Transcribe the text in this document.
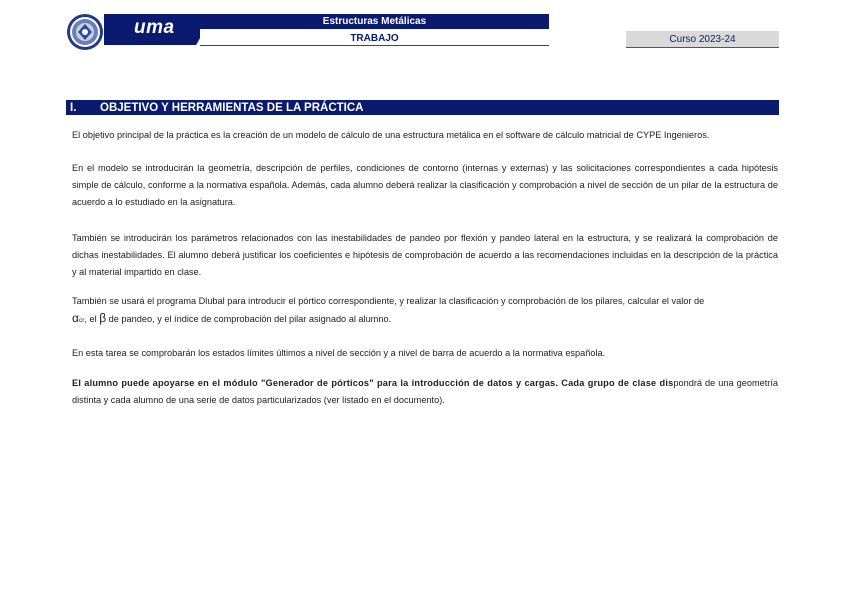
uma	Estructuras Metálicas
TRABAJO	Curso 2023-24
I.	OBJETIVO Y HERRAMIENTAS DE LA PRÁCTICA
El objetivo principal de la práctica es la creación de un modelo de cálculo de una estructura metálica en el software de cálculo matricial de CYPE Ingenieros.
En el modelo se introducirán la geometría, descripción de perfiles, condiciones de contorno (internas y externas) y las solicitaciones correspondientes a cada hipótesis simple de cálculo, conforme a la normativa española. Además, cada alumno deberá realizar la clasificación y comprobación a nivel de sección de un pilar de la estructura de acuerdo a lo estudiado en la asignatura.
También se introducirán los parámetros relacionados con las inestabilidades de pandeo por flexión y pandeo lateral en la estructura, y se realizará la comprobación de dichas inestabilidades. El alumno deberá justificar los coeficientes e hipótesis de comprobación de acuerdo a las recomendaciones incluidas en la descripción de la práctica y al material impartido en clase.
También se usará el programa Dlubal para introducir el pórtico correspondiente, y realizar la clasificación y comprobación de los pilares, calcular el valor de
αcr, el β de pandeo, y el índice de comprobación del pilar asignado al alumno.
En esta tarea se comprobarán los estados límites últimos a nivel de sección y a nivel de barra de acuerdo a la normativa española.
El alumno puede apoyarse en el módulo "Generador de pórticos" para la introducción de datos y cargas. Cada grupo de clase dispondrá de una geometría distinta y cada alumno de una serie de datos particularizados (ver listado en el documento).
